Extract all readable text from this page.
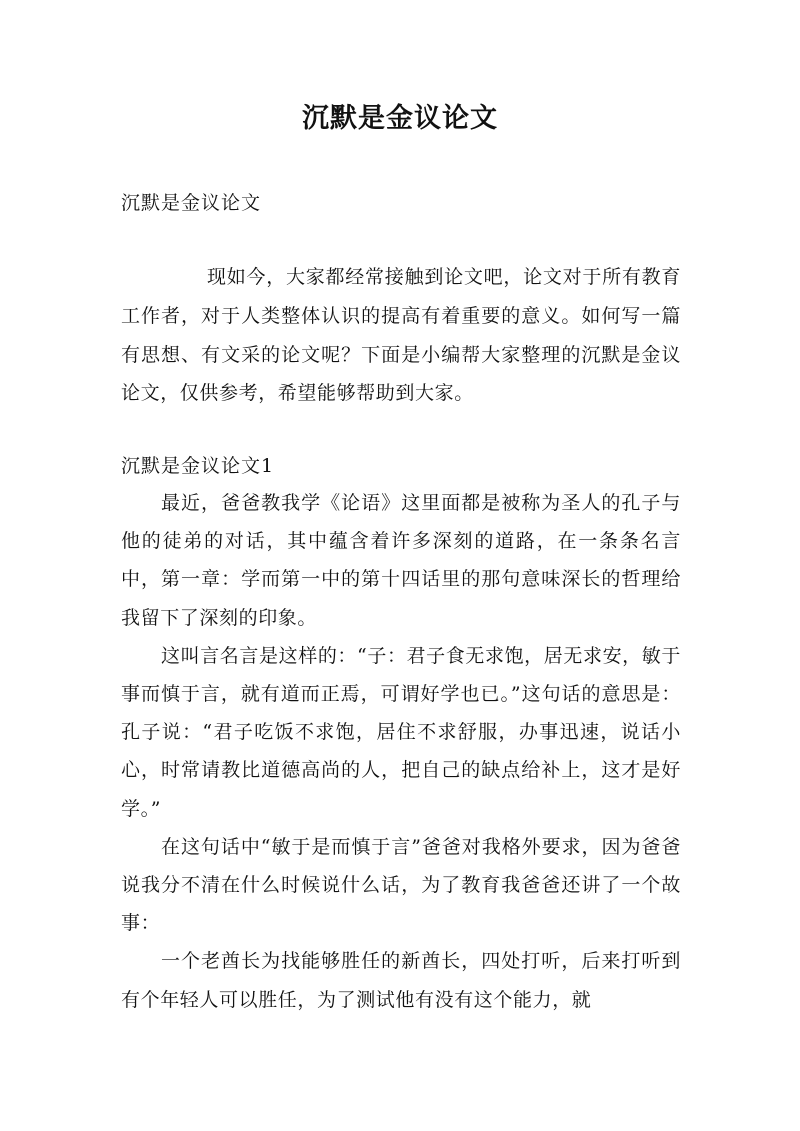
沉默是金议论文
沉默是金议论文

现如今，大家都经常接触到论文吧，论文对于所有教育工作者，对于人类整体认识的提高有着重要的意义。如何写一篇有思想、有文采的论文呢？下面是小编帮大家整理的沉默是金议论文，仅供参考，希望能够帮助到大家。

沉默是金议论文1

最近，爸爸教我学《论语》这里面都是被称为圣人的孔子与他的徒弟的对话，其中蕴含着许多深刻的道路，在一条条名言中，第一章：学而第一中的第十四话里的那句意味深长的哲理给我留下了深刻的印象。

这叫言名言是这样的：“子：君子食无求饱，居无求安，敏于事而慎于言，就有道而正焉，可谓好学也已。”这句话的意思是：孔子说：“君子吃饭不求饱，居住不求舒服，办事迅速，说话小心，时常请教比道德高尚的人，把自己的缺点给补上，这才是好学。”

在这句话中“敏于是而慎于言”爸爸对我格外要求，因为爸爸说我分不清在什么时候说什么话，为了教育我爸爸还讲了一个故事：

一个老酋长为找能够胜任的新酋长，四处打听，后来打听到有个年轻人可以胜任，为了测试他有没有这个能力，就
